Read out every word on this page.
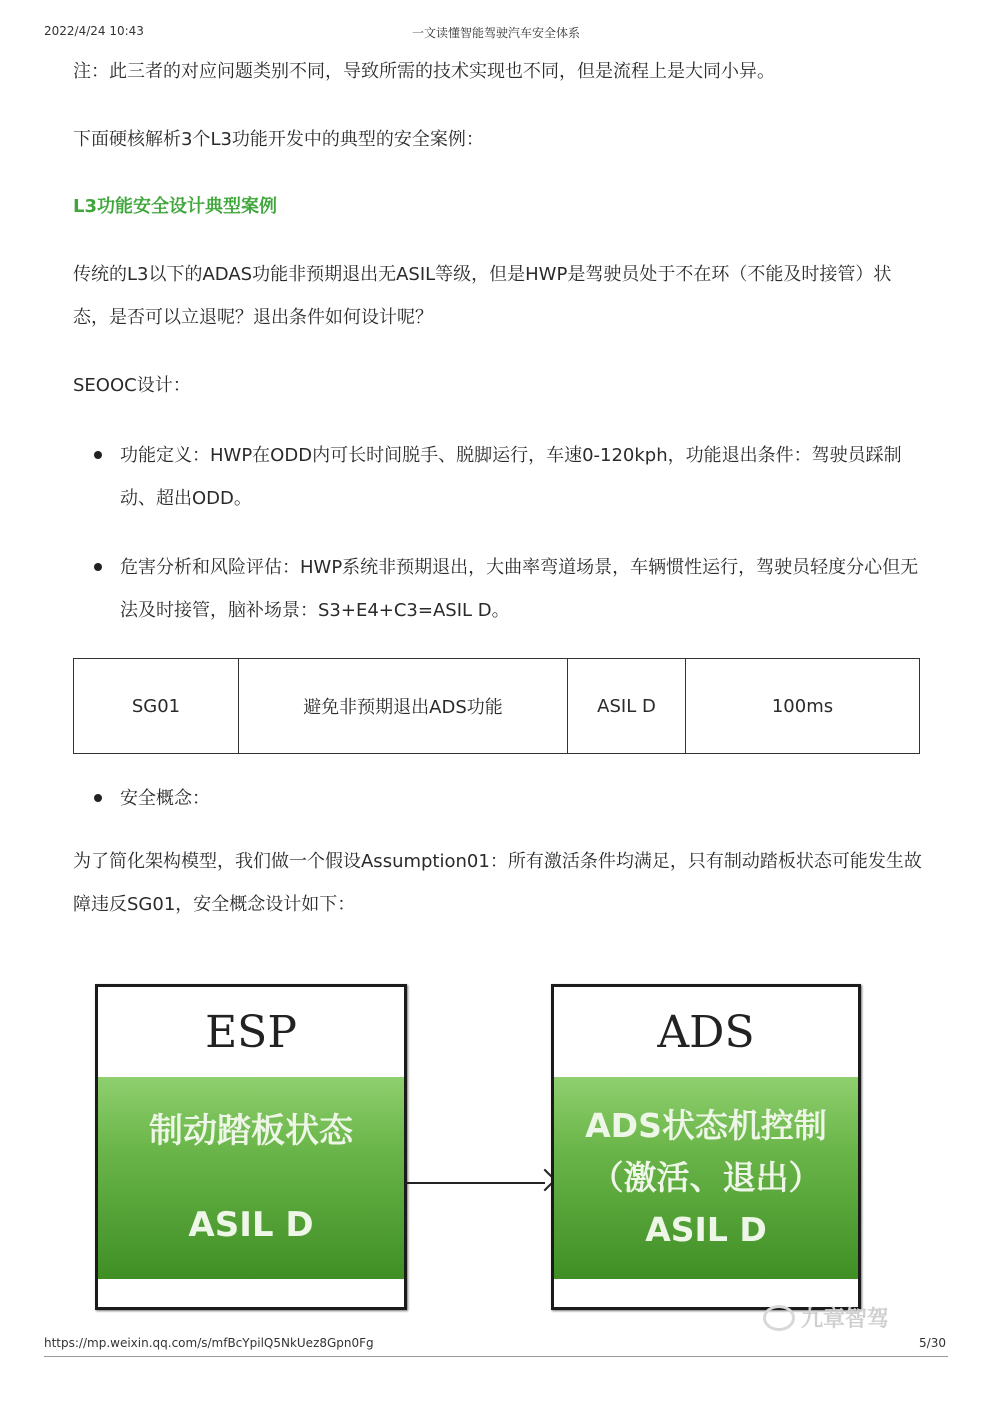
2022/4/24 10:43	一文读懂智能驾驶汽车安全体系
注：此三者的对应问题类别不同，导致所需的技术实现也不同，但是流程上是大同小异。
下面硬核解析3个L3功能开发中的典型的安全案例：
L3功能安全设计典型案例
传统的L3以下的ADAS功能非预期退出无ASIL等级，但是HWP是驾驶员处于不在环（不能及时接管）状态，是否可以立退呢？退出条件如何设计呢？
SEOOC设计：
功能定义：HWP在ODD内可长时间脱手、脱脚运行，车速0-120kph，功能退出条件：驾驶员踩制动、超出ODD。
危害分析和风险评估：HWP系统非预期退出，大曲率弯道场景，车辆惯性运行，驾驶员轻度分心但无法及时接管，脑补场景：S3+E4+C3=ASIL D。
SG01	避免非预期退出ADS功能	ASIL D	100ms
安全概念：
为了简化架构模型，我们做一个假设Assumption01：所有激活条件均满足，只有制动踏板状态可能发生故障违反SG01，安全概念设计如下：
ESP
制动踏板状态
ASIL D
ADS
ADS状态机控制
（激活、退出）
ASIL D
九章智驾
https://mp.weixin.qq.com/s/mfBcYpilQ5NkUez8Gpn0Fg	5/30
